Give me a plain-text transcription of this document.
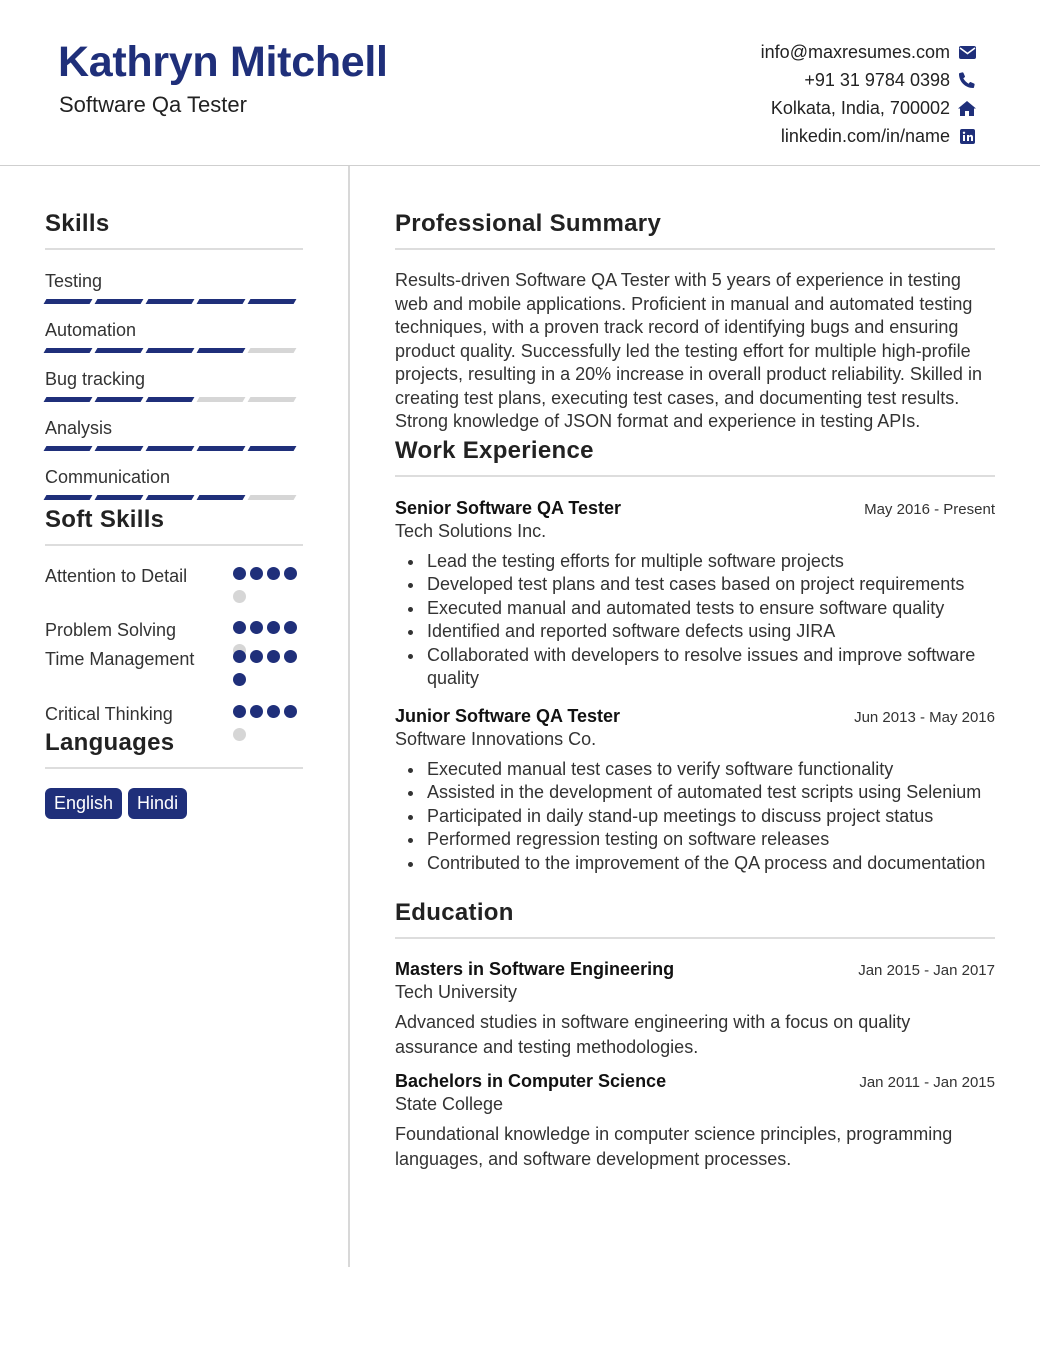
Kathryn Mitchell
Software Qa Tester
info@maxresumes.com
+91 31 9784 0398
Kolkata, India, 700002
linkedin.com/in/name
Skills
Testing
Automation
Bug tracking
Analysis
Communication
Soft Skills
Attention to Detail
Problem Solving
Time Management
Critical Thinking
Languages
English	Hindi
Professional Summary
Results-driven Software QA Tester with 5 years of experience in testing web and mobile applications. Proficient in manual and automated testing techniques, with a proven track record of identifying bugs and ensuring product quality. Successfully led the testing effort for multiple high-profile projects, resulting in a 20% increase in overall product reliability. Skilled in creating test plans, executing test cases, and documenting test results. Strong knowledge of JSON format and experience in testing APIs.
Work Experience
Senior Software QA Tester	May 2016 - Present
Tech Solutions Inc.
Lead the testing efforts for multiple software projects
Developed test plans and test cases based on project requirements
Executed manual and automated tests to ensure software quality
Identified and reported software defects using JIRA
Collaborated with developers to resolve issues and improve software quality
Junior Software QA Tester	Jun 2013 - May 2016
Software Innovations Co.
Executed manual test cases to verify software functionality
Assisted in the development of automated test scripts using Selenium
Participated in daily stand-up meetings to discuss project status
Performed regression testing on software releases
Contributed to the improvement of the QA process and documentation
Education
Masters in Software Engineering	Jan 2015 - Jan 2017
Tech University
Advanced studies in software engineering with a focus on quality assurance and testing methodologies.
Bachelors in Computer Science	Jan 2011 - Jan 2015
State College
Foundational knowledge in computer science principles, programming languages, and software development processes.
